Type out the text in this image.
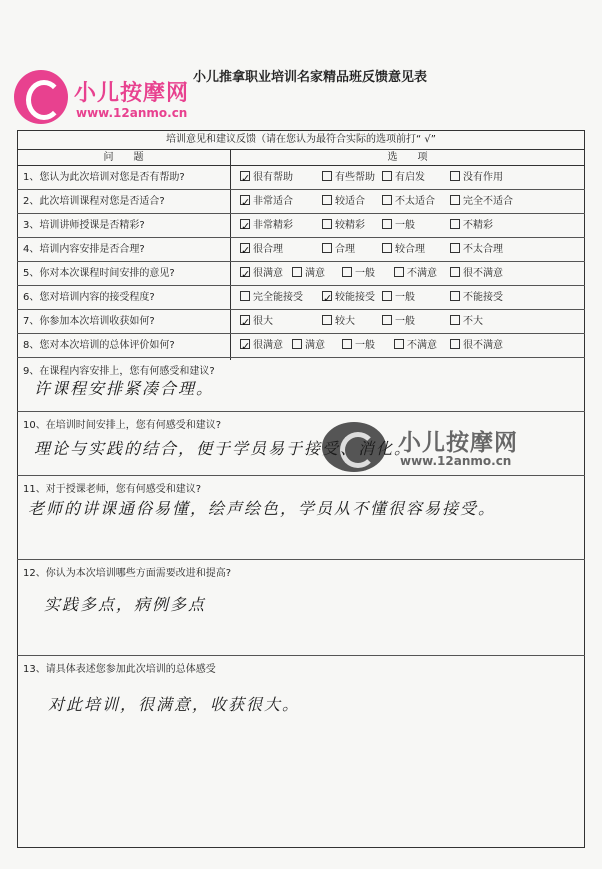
小儿按摩网
www.12anmo.cn
小儿推拿职业培训名家精品班反馈意见表
培训意见和建议反馈（请在您认为最符合实际的选项前打“ √”
问　　题	选　　项
1、您认为此次培训对您是否有帮助? ✓	很有帮助	有些帮助	有启发	没有作用
2、此次培训课程对您是否适合? ✓	非常适合	较适合	不太适合	完全不适合
3、培训讲师授课是否精彩? ✓	非常精彩	较精彩	一般	不精彩
4、培训内容安排是否合理? ✓	很合理	合理	较合理	不太合理
5、你对本次课程时间安排的意见? ✓	很满意	满意	一般	不满意	很不满意
6、您对培训内容的接受程度?	完全能接受 ✓	较能接受	一般	不能接受
7、你参加本次培训收获如何? ✓	很大	较大	一般	不大
8、您对本次培训的总体评价如何? ✓	很满意	满意	一般	不满意	很不满意
9、在课程内容安排上，您有何感受和建议?
10、在培训时间安排上，您有何感受和建议?
11、对于授课老师，您有何感受和建议?
12、你认为本次培训哪些方面需要改进和提高?
13、请具体表述您参加此次培训的总体感受
小儿按摩网
www.12anmo.cn
许课程安排紧凑合理。
理论与实践的结合，便于学员易于接受、消化。
老师的讲课通俗易懂，绘声绘色，学员从不懂很容易接受。
实践多点，病例多点
对此培训，很满意，收获很大。
